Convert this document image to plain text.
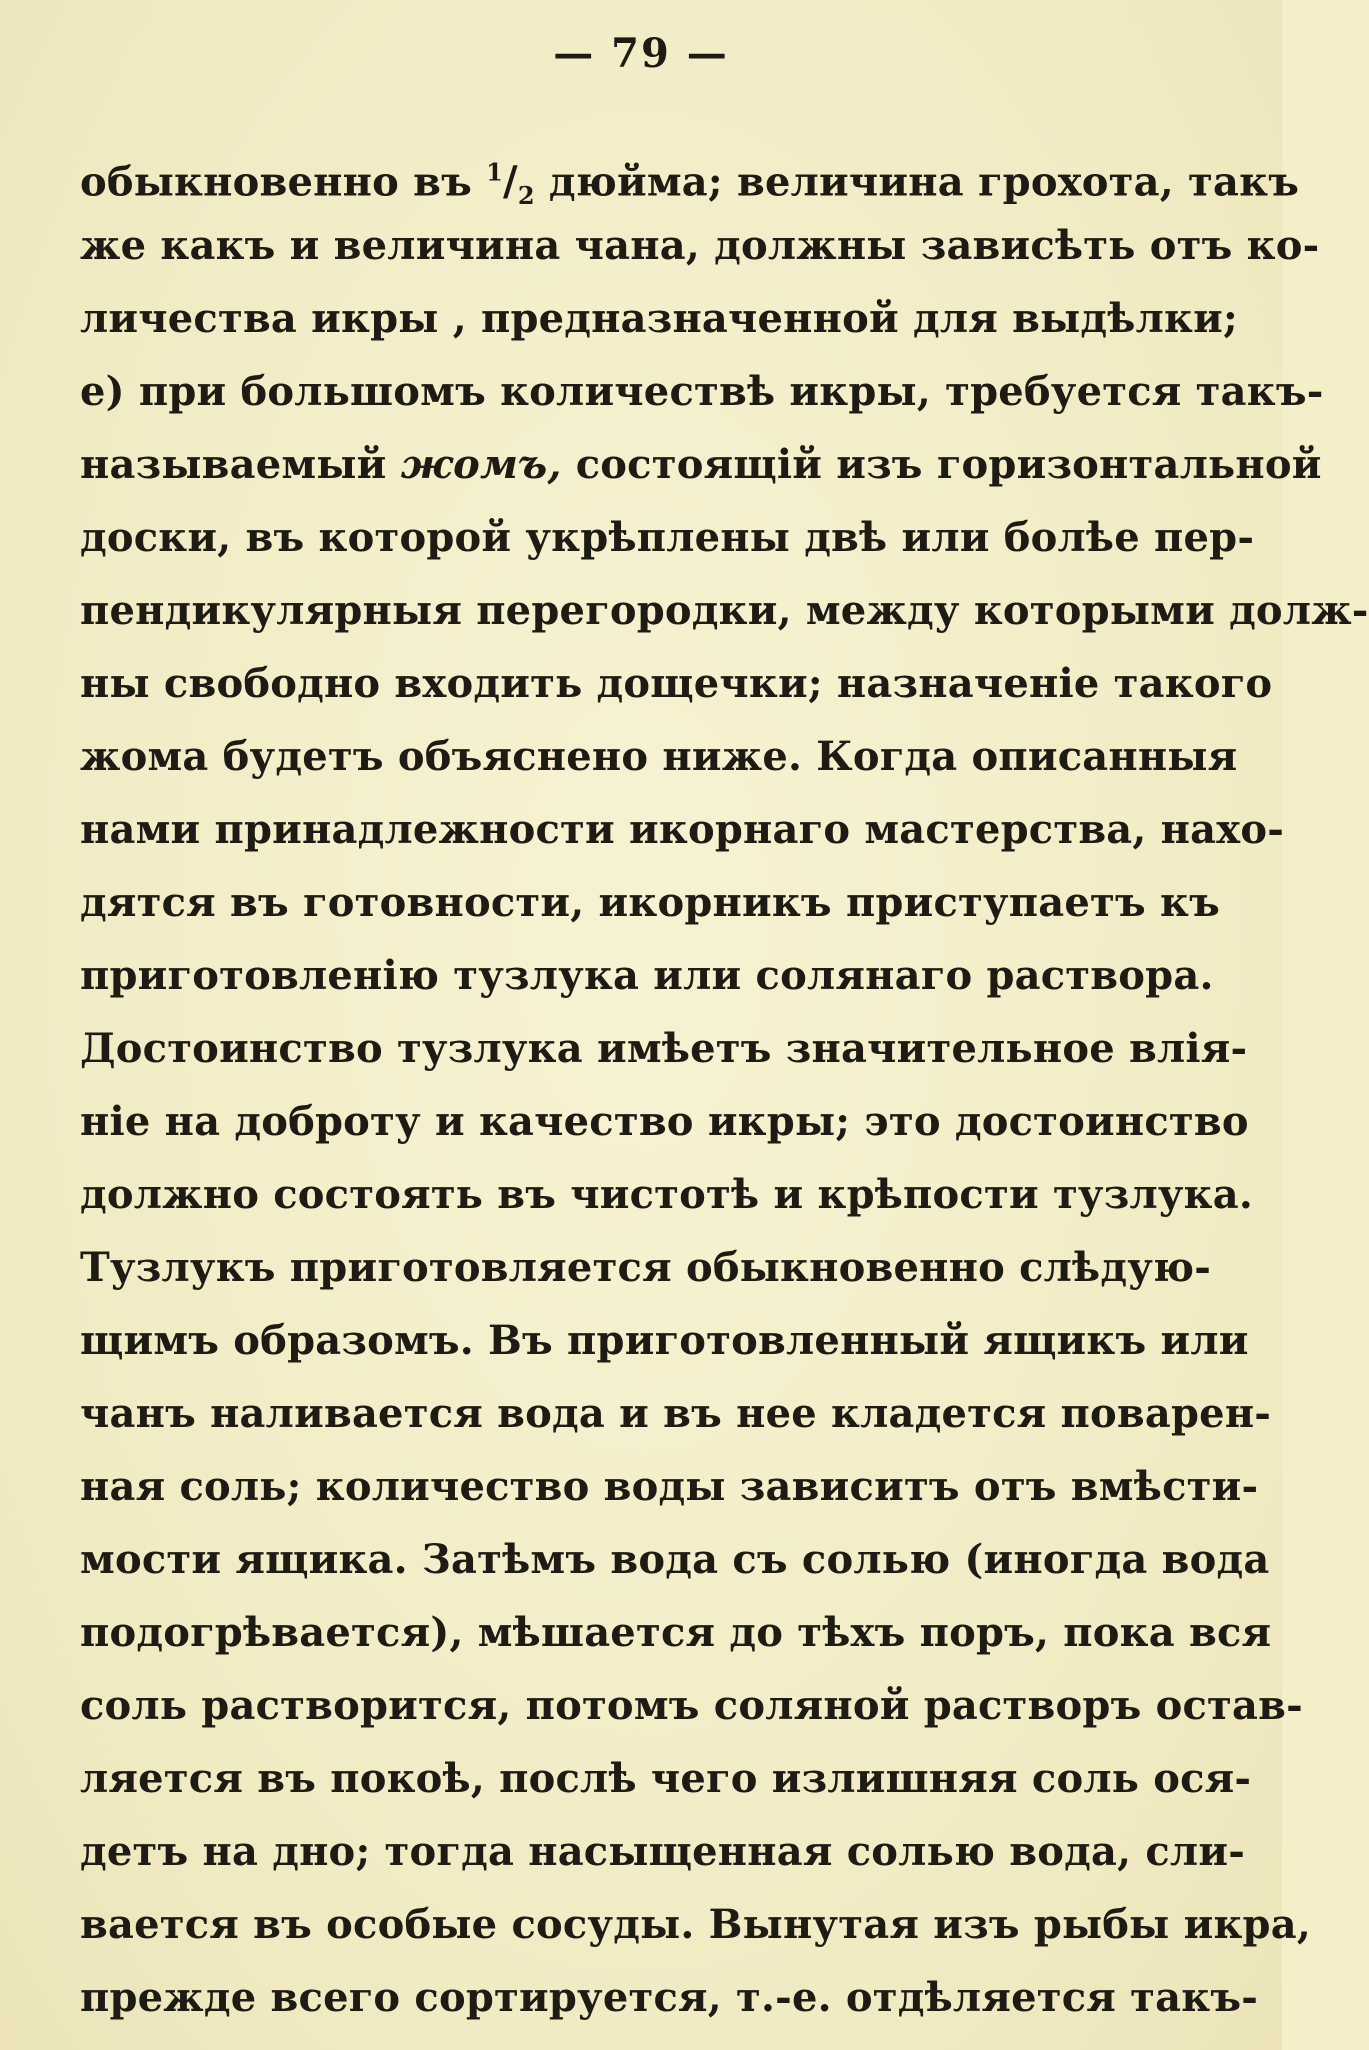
— 79 —
обыкновенно въ $^1/_2$ дюйма; величина грохота, такъ
же какъ и величина чана, должны зависѣть отъ ко-
личества икры , предназначенной для выдѣлки;
е) при большомъ количествѣ икры, требуется такъ-
называемый жомъ, состоящій изъ горизонтальной
доски, въ которой укрѣплены двѣ или болѣе пер-
пендикулярныя перегородки, между которыми долж-
ны свободно входить дощечки; назначеніе такого
жома будетъ объяснено ниже. Когда описанныя
нами принадлежности икорнаго мастерства, нахо-
дятся въ готовности, икорникъ приступаетъ къ
приготовленію тузлука или солянаго раствора.
Достоинство тузлука имѣетъ значительное влія-
ніе на доброту и качество икры; это достоинство
должно состоять въ чистотѣ и крѣпости тузлука.
Тузлукъ приготовляется обыкновенно слѣдую-
щимъ образомъ. Въ приготовленный ящикъ или
чанъ наливается вода и въ нее кладется поварен-
ная соль; количество воды зависитъ отъ вмѣсти-
мости ящика. Затѣмъ вода съ солью (иногда вода
подогрѣвается), мѣшается до тѣхъ поръ, пока вся
соль растворится, потомъ соляной растворъ остав-
ляется въ покоѣ, послѣ чего излишняя соль ося-
детъ на дно; тогда насыщенная солью вода, сли-
вается въ особые сосуды. Вынутая изъ рыбы икра,
прежде всего сортируется, т.-е. отдѣляется такъ-
